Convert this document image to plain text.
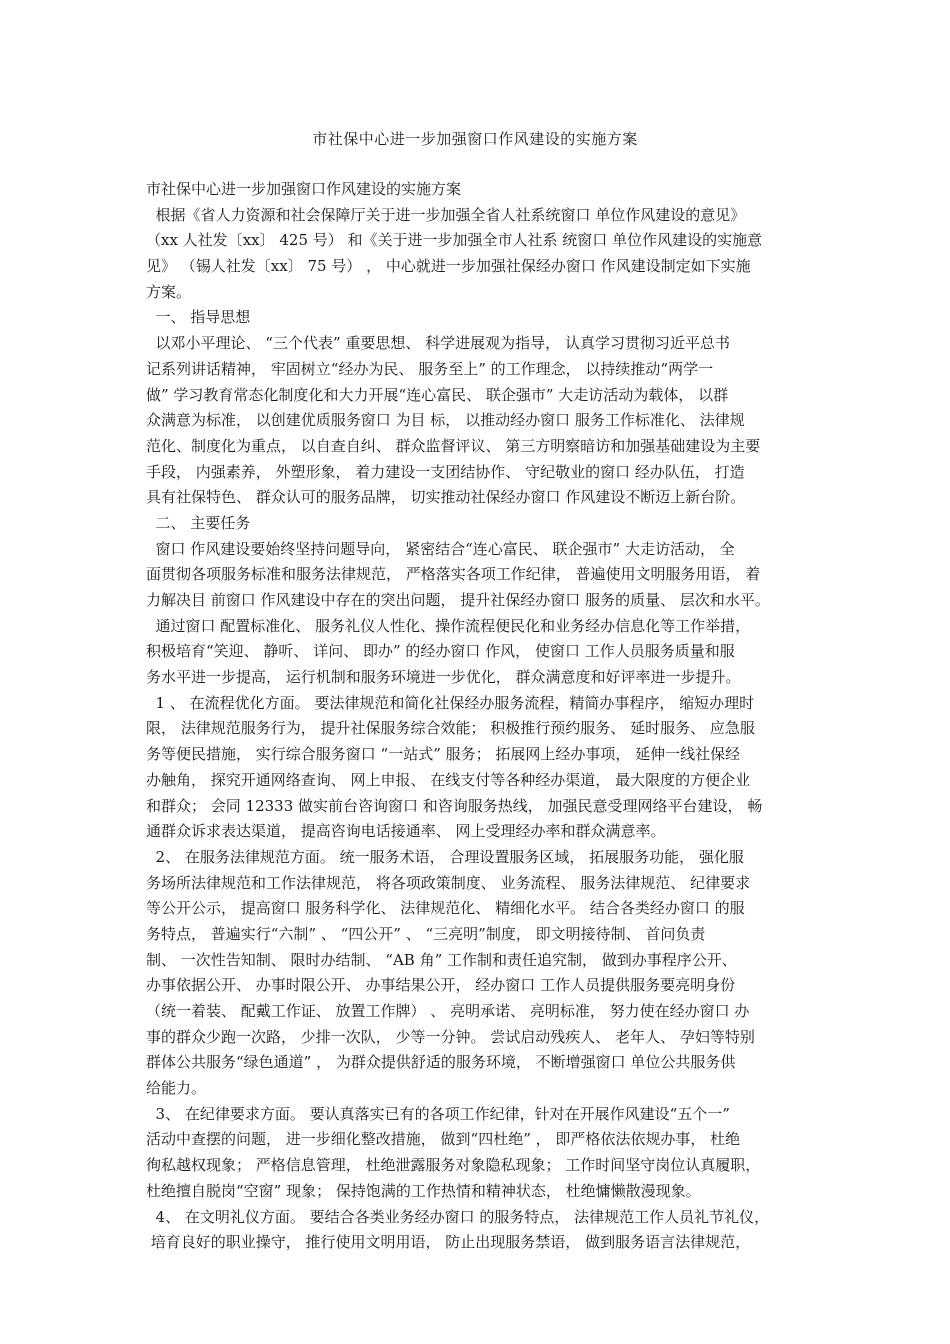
市社保中心进一步加强窗口作风建设的实施方案
市社保中心进一步加强窗口作风建设的实施方案
根据《省人力资源和社会保障厅关于进一步加强全省人社系统窗口 单位作风建设的意见》
（xx 人社发〔xx〕 425 号） 和《关于进一步加强全市人社系 统窗口 单位作风建设的实施意
见》 （锡人社发〔xx〕 75 号） ， 中心就进一步加强社保经办窗口 作风建设制定如下实施
方案。
一、 指导思想
以邓小平理论、 “三个代表” 重要思想、 科学进展观为指导， 认真学习贯彻习近平总书
记系列讲话精神， 牢固树立“经办为民、 服务至上” 的工作理念， 以持续推动“两学一
做” 学习教育常态化制度化和大力开展“连心富民、 联企强市” 大走访活动为载体， 以群
众满意为标准， 以创建优质服务窗口 为目 标， 以推动经办窗口 服务工作标准化、 法律规
范化、制度化为重点， 以自查自纠、 群众监督评议、 第三方明察暗访和加强基础建设为主要
手段， 内强素养， 外塑形象， 着力建设一支团结协作、 守纪敬业的窗口 经办队伍， 打造
具有社保特色、 群众认可的服务品牌， 切实推动社保经办窗口 作风建设不断迈上新台阶。
二、 主要任务
窗口 作风建设要始终坚持问题导向， 紧密结合“连心富民、 联企强市” 大走访活动， 全
面贯彻各项服务标准和服务法律规范， 严格落实各项工作纪律， 普遍使用文明服务用语， 着
力解决目 前窗口 作风建设中存在的突出问题， 提升社保经办窗口 服务的质量、 层次和水平。
通过窗口 配置标准化、 服务礼仪人性化、操作流程便民化和业务经办信息化等工作举措，
积极培育“笑迎、 静听、 详问、 即办” 的经办窗口 作风， 使窗口 工作人员服务质量和服
务水平进一步提高， 运行机制和服务环境进一步优化， 群众满意度和好评率进一步提升。
1 、 在流程优化方面。 要法律规范和简化社保经办服务流程，精简办事程序， 缩短办理时
限， 法律规范服务行为， 提升社保服务综合效能； 积极推行预约服务、 延时服务、 应急服
务等便民措施， 实行综合服务窗口 “一站式” 服务； 拓展网上经办事项， 延伸一线社保经
办触角， 探究开通网络查询、 网上申报、 在线支付等各种经办渠道， 最大限度的方便企业
和群众； 会同 12333 做实前台咨询窗口 和咨询服务热线， 加强民意受理网络平台建设， 畅
通群众诉求表达渠道， 提高咨询电话接通率、 网上受理经办率和群众满意率。
2、 在服务法律规范方面。 统一服务术语， 合理设置服务区域， 拓展服务功能， 强化服
务场所法律规范和工作法律规范， 将各项政策制度、 业务流程、 服务法律规范、 纪律要求
等公开公示， 提高窗口 服务科学化、 法律规范化、 精细化水平。 结合各类经办窗口 的服
务特点， 普遍实行“六制” 、 “四公开” 、 “三亮明”制度， 即文明接待制、 首问负责
制、 一次性告知制、 限时办结制、 “AB 角” 工作制和责任追究制， 做到办事程序公开、
办事依据公开、 办事时限公开、 办事结果公开， 经办窗口 工作人员提供服务要亮明身份
（统一着装、 配戴工作证、 放置工作牌） 、 亮明承诺、 亮明标准， 努力使在经办窗口 办
事的群众少跑一次路， 少排一次队， 少等一分钟。 尝试启动残疾人、 老年人、 孕妇等特别
群体公共服务“绿色通道” ， 为群众提供舒适的服务环境， 不断增强窗口 单位公共服务供
给能力。
3、 在纪律要求方面。 要认真落实已有的各项工作纪律，针对在开展作风建设“五个一”
活动中查摆的问题， 进一步细化整改措施， 做到“四杜绝” ， 即严格依法依规办事， 杜绝
徇私越权现象； 严格信息管理， 杜绝泄露服务对象隐私现象； 工作时间坚守岗位认真履职，
杜绝擅自脱岗“空窗” 现象； 保持饱满的工作热情和精神状态， 杜绝慵懒散漫现象。
4、 在文明礼仪方面。 要结合各类业务经办窗口 的服务特点， 法律规范工作人员礼节礼仪，
培育良好的职业操守， 推行使用文明用语， 防止出现服务禁语， 做到服务语言法律规范，
